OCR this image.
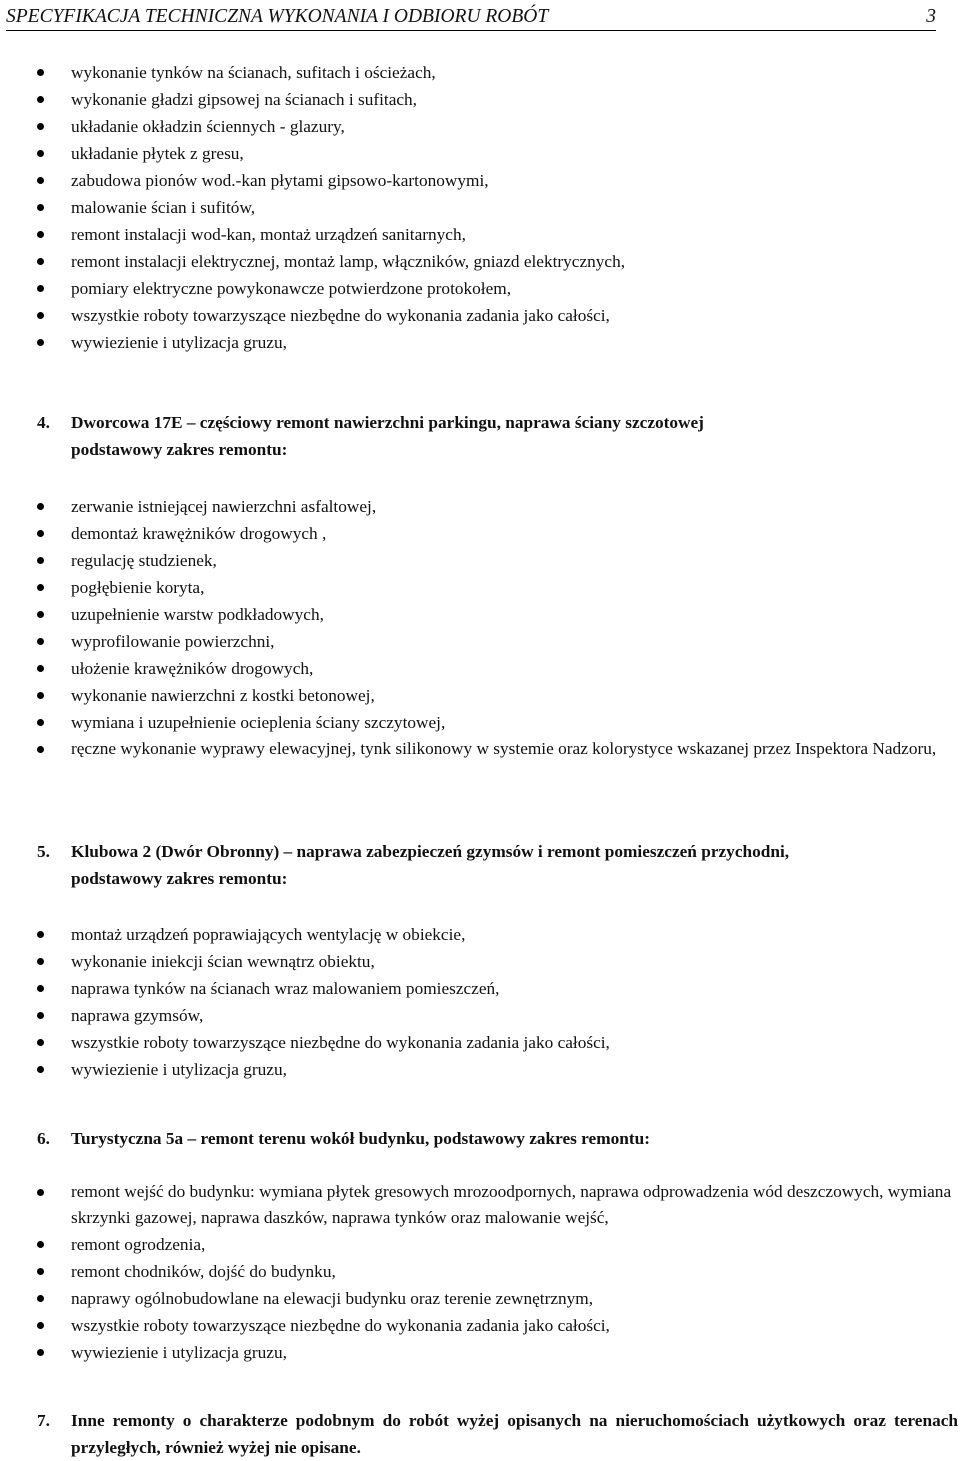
SPECYFIKACJA TECHNICZNA WYKONANIA I ODBIORU ROBÓT	3
wykonanie tynków na ścianach, sufitach i ościeżach,
wykonanie gładzi gipsowej na ścianach i sufitach,
układanie okładzin ściennych - glazury,
układanie płytek z gresu,
zabudowa pionów wod.-kan płytami gipsowo-kartonowymi,
malowanie ścian i sufitów,
remont instalacji wod-kan, montaż urządzeń sanitarnych,
remont instalacji elektrycznej, montaż lamp, włączników, gniazd elektrycznych,
pomiary elektryczne powykonawcze potwierdzone protokołem,
wszystkie roboty towarzyszące niezbędne do wykonania zadania jako całości,
wywiezienie i utylizacja gruzu,
4. Dworcowa 17E – częściowy remont nawierzchni parkingu, naprawa ściany szczotowej
podstawowy zakres remontu:
zerwanie istniejącej nawierzchni asfaltowej,
demontaż krawężników drogowych ,
regulację studzienek,
pogłębienie koryta,
uzupełnienie warstw podkładowych,
wyprofilowanie powierzchni,
ułożenie krawężników drogowych,
wykonanie nawierzchni z kostki betonowej,
wymiana i uzupełnienie ocieplenia ściany szczytowej,
ręczne wykonanie wyprawy elewacyjnej, tynk silikonowy w systemie oraz kolorystyce wskazanej przez Inspektora Nadzoru,
5. Klubowa 2 (Dwór Obronny) – naprawa zabezpieczeń gzymsów i remont pomieszczeń przychodni,
podstawowy zakres remontu:
montaż urządzeń poprawiających wentylację w obiekcie,
wykonanie iniekcji ścian wewnątrz obiektu,
naprawa tynków na ścianach wraz malowaniem pomieszczeń,
naprawa gzymsów,
wszystkie roboty towarzyszące niezbędne do wykonania zadania jako całości,
wywiezienie i utylizacja gruzu,
6. Turystyczna 5a – remont terenu wokół budynku, podstawowy zakres remontu:
remont wejść do budynku: wymiana płytek gresowych mrozoodpornych, naprawa odprowadzenia wód deszczowych, wymiana skrzynki gazowej, naprawa daszków, naprawa tynków oraz malowanie wejść,
remont ogrodzenia,
remont chodników, dojść do budynku,
naprawy ogólnobudowlane na elewacji budynku oraz terenie zewnętrznym,
wszystkie roboty towarzyszące niezbędne do wykonania zadania jako całości,
wywiezienie i utylizacja gruzu,
7. Inne remonty o charakterze podobnym do robót wyżej opisanych na nieruchomościach użytkowych oraz terenach przyległych, również wyżej nie opisane.
